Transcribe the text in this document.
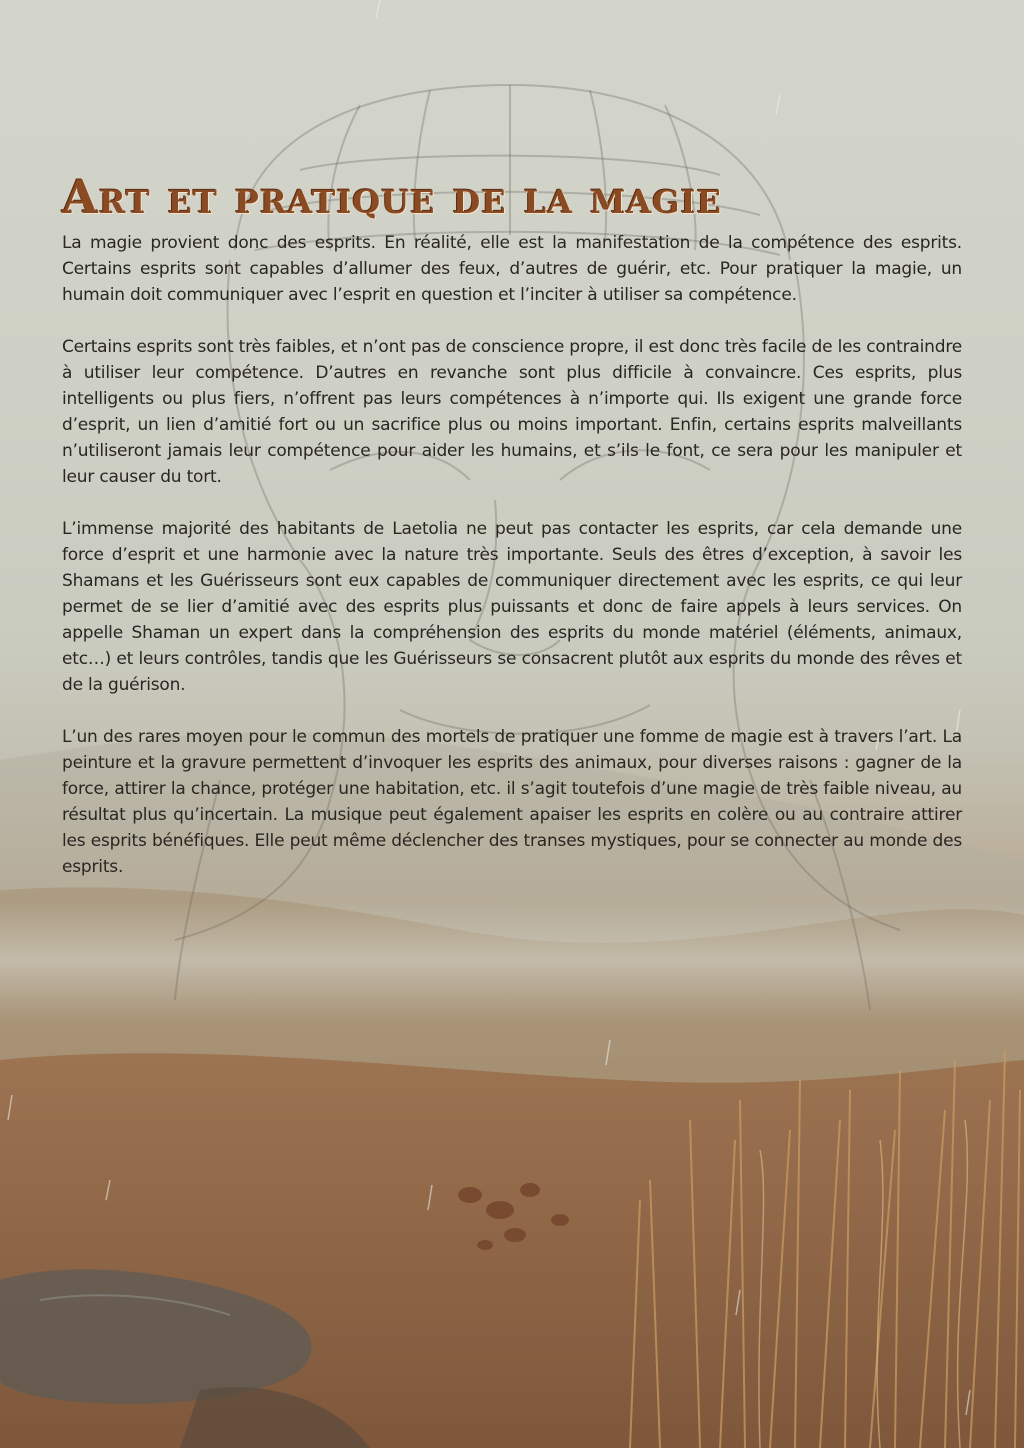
Art et pratique de la magie

La magie provient donc des esprits. En réalité, elle est la manifestation de la compétence des esprits. Certains esprits sont capables d’allumer des feux, d’autres de guérir, etc. Pour pratiquer la magie, un humain doit communiquer avec l’esprit en question et l’inciter à utiliser sa compétence.

Certains esprits sont très faibles, et n’ont pas de conscience propre, il est donc très facile de les contraindre à utiliser leur compétence. D’autres en revanche sont plus difficile à convaincre. Ces esprits, plus intelligents ou plus fiers, n’offrent pas leurs compétences à n’importe qui. Ils exigent une grande force d’esprit, un lien d’amitié fort ou un sacrifice plus ou moins important. Enfin, certains esprits malveillants n’utiliseront jamais leur compétence pour aider les humains, et s’ils le font, ce sera pour les manipuler et leur causer du tort.

L’immense majorité des habitants de Laetolia ne peut pas contacter les esprits, car cela demande une force d’esprit et une harmonie avec la nature très importante. Seuls des êtres d’exception, à savoir les Shamans et les Guérisseurs sont eux capables de communiquer directement avec les esprits, ce qui leur permet de se lier d’amitié avec des esprits plus puissants et donc de faire appels à leurs services. On appelle Shaman un expert dans la compréhension des esprits du monde matériel (éléments, animaux, etc…) et leurs contrôles, tandis que les Guérisseurs se consacrent plutôt aux esprits du monde des rêves et de la guérison.

L’un des rares moyen pour le commun des mortels de pratiquer une fomme de magie est à travers l’art. La peinture et la gravure permettent d’invoquer les esprits des animaux, pour diverses raisons : gagner de la force, attirer la chance, protéger une habitation, etc. il s’agit toutefois d’une magie de très faible niveau, au résultat plus qu’incertain. La musique peut également apaiser les esprits en colère ou au contraire attirer les esprits bénéfiques. Elle peut même déclencher des transes mystiques, pour se connecter au monde des esprits.
